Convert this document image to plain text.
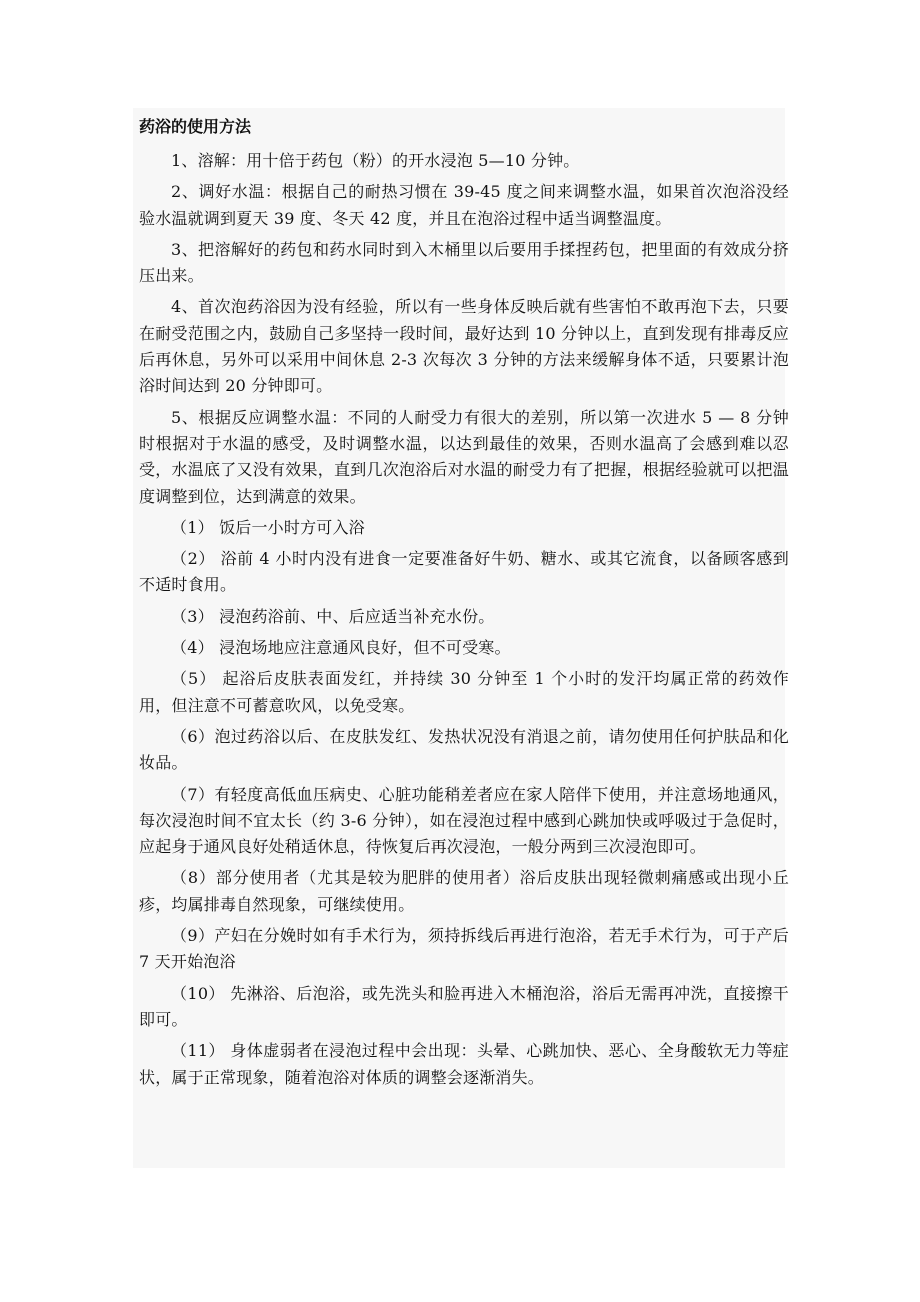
药浴的使用方法

1、溶解：用十倍于药包（粉）的开水浸泡 5—10 分钟。

2、调好水温：根据自己的耐热习惯在 39-45 度之间来调整水温，如果首次泡浴没经验水温就调到夏天 39 度、冬天 42 度，并且在泡浴过程中适当调整温度。

3、把溶解好的药包和药水同时到入木桶里以后要用手揉捏药包，把里面的有效成分挤压出来。

4、首次泡药浴因为没有经验，所以有一些身体反映后就有些害怕不敢再泡下去，只要在耐受范围之内，鼓励自己多坚持一段时间，最好达到 10 分钟以上，直到发现有排毒反应后再休息，另外可以采用中间休息 2-3 次每次 3 分钟的方法来缓解身体不适，只要累计泡浴时间达到 20 分钟即可。

5、根据反应调整水温：不同的人耐受力有很大的差别，所以第一次进水 5 — 8 分钟时根据对于水温的感受，及时调整水温，以达到最佳的效果，否则水温高了会感到难以忍受，水温底了又没有效果，直到几次泡浴后对水温的耐受力有了把握，根据经验就可以把温度调整到位，达到满意的效果。

（1） 饭后一小时方可入浴

（2） 浴前 4 小时内没有进食一定要准备好牛奶、糖水、或其它流食，以备顾客感到不适时食用。

（3） 浸泡药浴前、中、后应适当补充水份。

（4） 浸泡场地应注意通风良好，但不可受寒。

（5） 起浴后皮肤表面发红，并持续 30 分钟至 1 个小时的发汗均属正常的药效作用，但注意不可蓄意吹风，以免受寒。

（6）泡过药浴以后、在皮肤发红、发热状况没有消退之前，请勿使用任何护肤品和化妆品。

（7）有轻度高低血压病史、心脏功能稍差者应在家人陪伴下使用，并注意场地通风，每次浸泡时间不宜太长（约 3-6 分钟），如在浸泡过程中感到心跳加快或呼吸过于急促时，应起身于通风良好处稍适休息，待恢复后再次浸泡，一般分两到三次浸泡即可。

（8）部分使用者（尤其是较为肥胖的使用者）浴后皮肤出现轻微刺痛感或出现小丘疹，均属排毒自然现象，可继续使用。

（9）产妇在分娩时如有手术行为，须持拆线后再进行泡浴，若无手术行为，可于产后 7 天开始泡浴

（10） 先淋浴、后泡浴，或先洗头和脸再进入木桶泡浴，浴后无需再冲洗，直接擦干即可。

（11） 身体虚弱者在浸泡过程中会出现：头晕、心跳加快、恶心、全身酸软无力等症状，属于正常现象，随着泡浴对体质的调整会逐渐消失。
